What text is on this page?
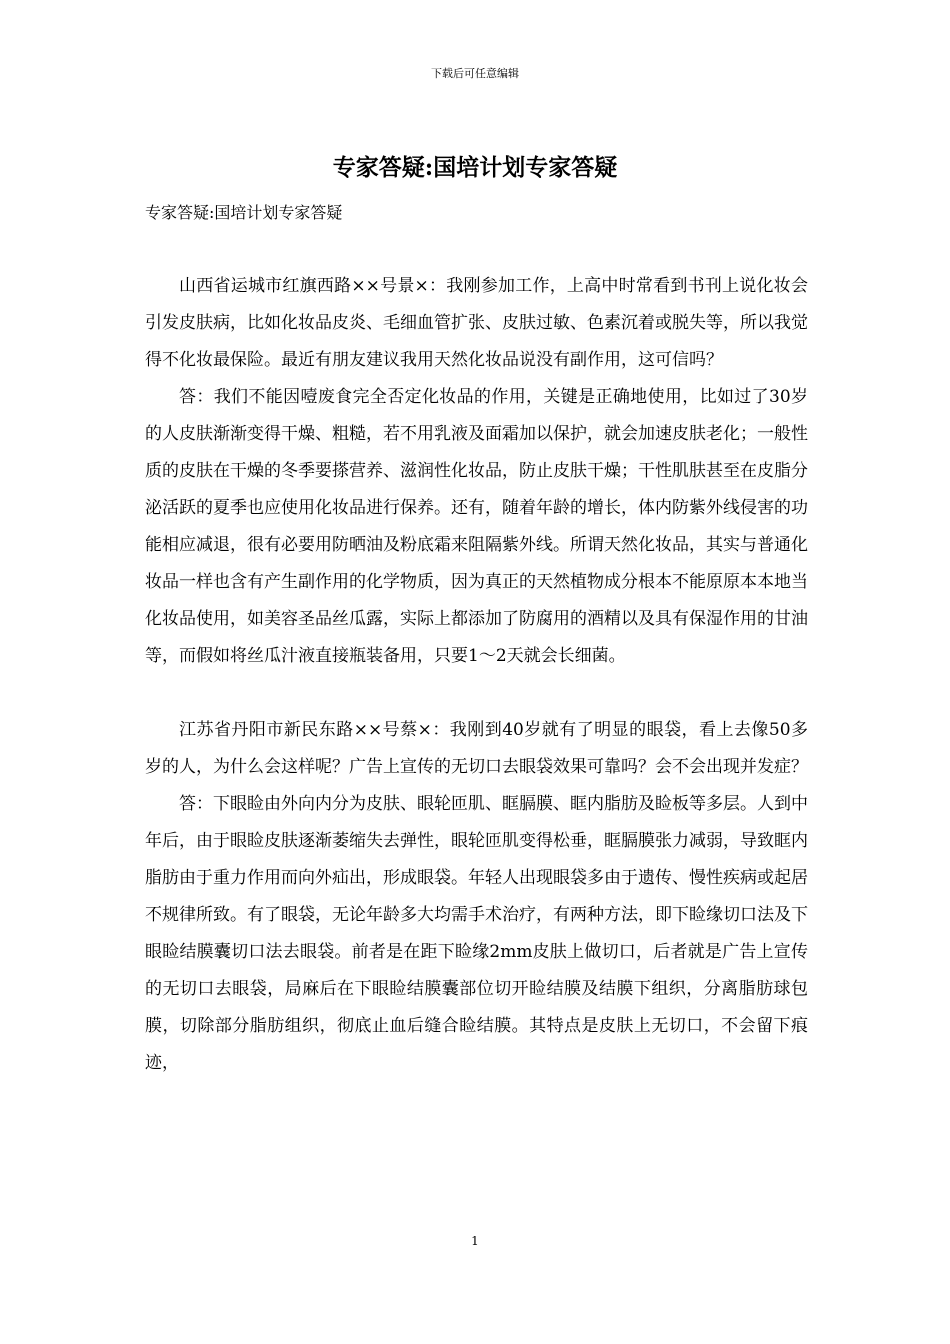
下载后可任意编辑
专家答疑:国培计划专家答疑

专家答疑:国培计划专家答疑

山西省运城市红旗西路××号景×：我刚参加工作，上高中时常看到书刊上说化妆会引发皮肤病，比如化妆品皮炎、毛细血管扩张、皮肤过敏、色素沉着或脱失等，所以我觉得不化妆最保险。最近有朋友建议我用天然化妆品说没有副作用，这可信吗？

答：我们不能因噎废食完全否定化妆品的作用，关键是正确地使用，比如过了30岁的人皮肤渐渐变得干燥、粗糙，若不用乳液及面霜加以保护，就会加速皮肤老化；一般性质的皮肤在干燥的冬季要搽营养、滋润性化妆品，防止皮肤干燥；干性肌肤甚至在皮脂分泌活跃的夏季也应使用化妆品进行保养。还有，随着年龄的增长，体内防紫外线侵害的功能相应减退，很有必要用防晒油及粉底霜来阻隔紫外线。所谓天然化妆品，其实与普通化妆品一样也含有产生副作用的化学物质，因为真正的天然植物成分根本不能原原本本地当化妆品使用，如美容圣品丝瓜露，实际上都添加了防腐用的酒精以及具有保湿作用的甘油等，而假如将丝瓜汁液直接瓶装备用，只要1～2天就会长细菌。

江苏省丹阳市新民东路××号蔡×：我刚到40岁就有了明显的眼袋，看上去像50多岁的人，为什么会这样呢？广告上宣传的无切口去眼袋效果可靠吗？会不会出现并发症？

答：下眼睑由外向内分为皮肤、眼轮匝肌、眶膈膜、眶内脂肪及睑板等多层。人到中年后，由于眼睑皮肤逐渐萎缩失去弹性，眼轮匝肌变得松垂，眶膈膜张力减弱，导致眶内脂肪由于重力作用而向外疝出，形成眼袋。年轻人出现眼袋多由于遗传、慢性疾病或起居不规律所致。有了眼袋，无论年龄多大均需手术治疗，有两种方法，即下睑缘切口法及下眼睑结膜囊切口法去眼袋。前者是在距下睑缘2mm皮肤上做切口，后者就是广告上宣传的无切口去眼袋，局麻后在下眼睑结膜囊部位切开睑结膜及结膜下组织，分离脂肪球包膜，切除部分脂肪组织，彻底止血后缝合睑结膜。其特点是皮肤上无切口，不会留下痕迹，

1
